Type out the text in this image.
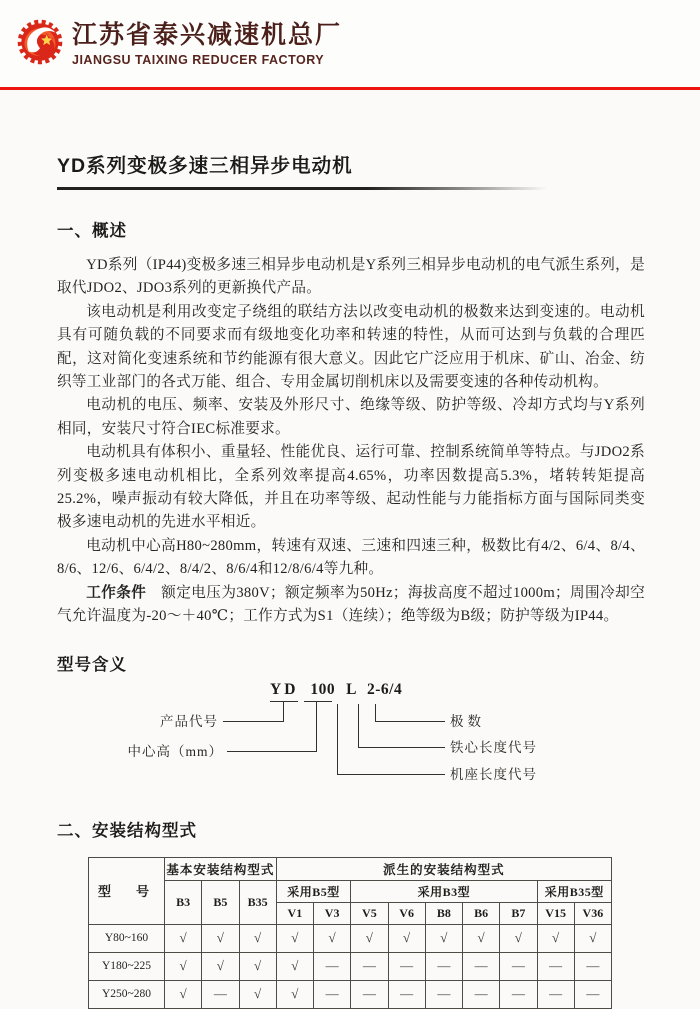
江苏省泰兴减速机总厂
JIANGSU TAIXING REDUCER FACTORY
YD系列变极多速三相异步电动机
一、概述

YD系列（IP44)变极多速三相异步电动机是Y系列三相异步电动机的电气派生系列，是取代JDO2、JDO3系列的更新换代产品。

该电动机是利用改变定子绕组的联结方法以改变电动机的极数来达到变速的。电动机具有可随负载的不同要求而有级地变化功率和转速的特性，从而可达到与负载的合理匹配，这对简化变速系统和节约能源有很大意义。因此它广泛应用于机床、矿山、冶金、纺织等工业部门的各式万能、组合、专用金属切削机床以及需要变速的各种传动机构。

电动机的电压、频率、安装及外形尺寸、绝缘等级、防护等级、冷却方式均与Y系列相同，安装尺寸符合IEC标准要求。

电动机具有体积小、重量轻、性能优良、运行可靠、控制系统简单等特点。与JDO2系列变极多速电动机相比，全系列效率提高4.65%，功率因数提高5.3%，堵转转矩提高25.2%，噪声振动有较大降低，并且在功率等级、起动性能与力能指标方面与国际同类变极多速电动机的先进水平相近。

电动机中心高H80~280mm，转速有双速、三速和四速三种，极数比有4/2、6/4、8/4、8/6、12/6、6/4/2、8/4/2、8/6/4和12/8/6/4等九种。

工作条件　额定电压为380V；额定频率为50Hz；海拔高度不超过1000m；周围冷却空气允许温度为-20～＋40℃；工作方式为S1（连续）；绝等级为B级；防护等级为IP44。

型号含义
YD 100 L 2-6/4
产品代号
中心高（mm）
机座长度代号
铁心长度代号
极数
二、安装结构型式
型　号	基本安装结构型式			派生的安装结构型式								
	B3	B5	B35	采用B5型		采用B3型					采用B35型	
				V1	V3	V5	V6	B8	B6	B7	V15	V36
Y80~160	√	√	√	√	√	√	√	√	√	√	√	√
Y180~225	√	√	√	√	—	—	—	—	—	—	—	—
Y250~280	√	—	√	√	—	—	—	—	—	—	—	—
